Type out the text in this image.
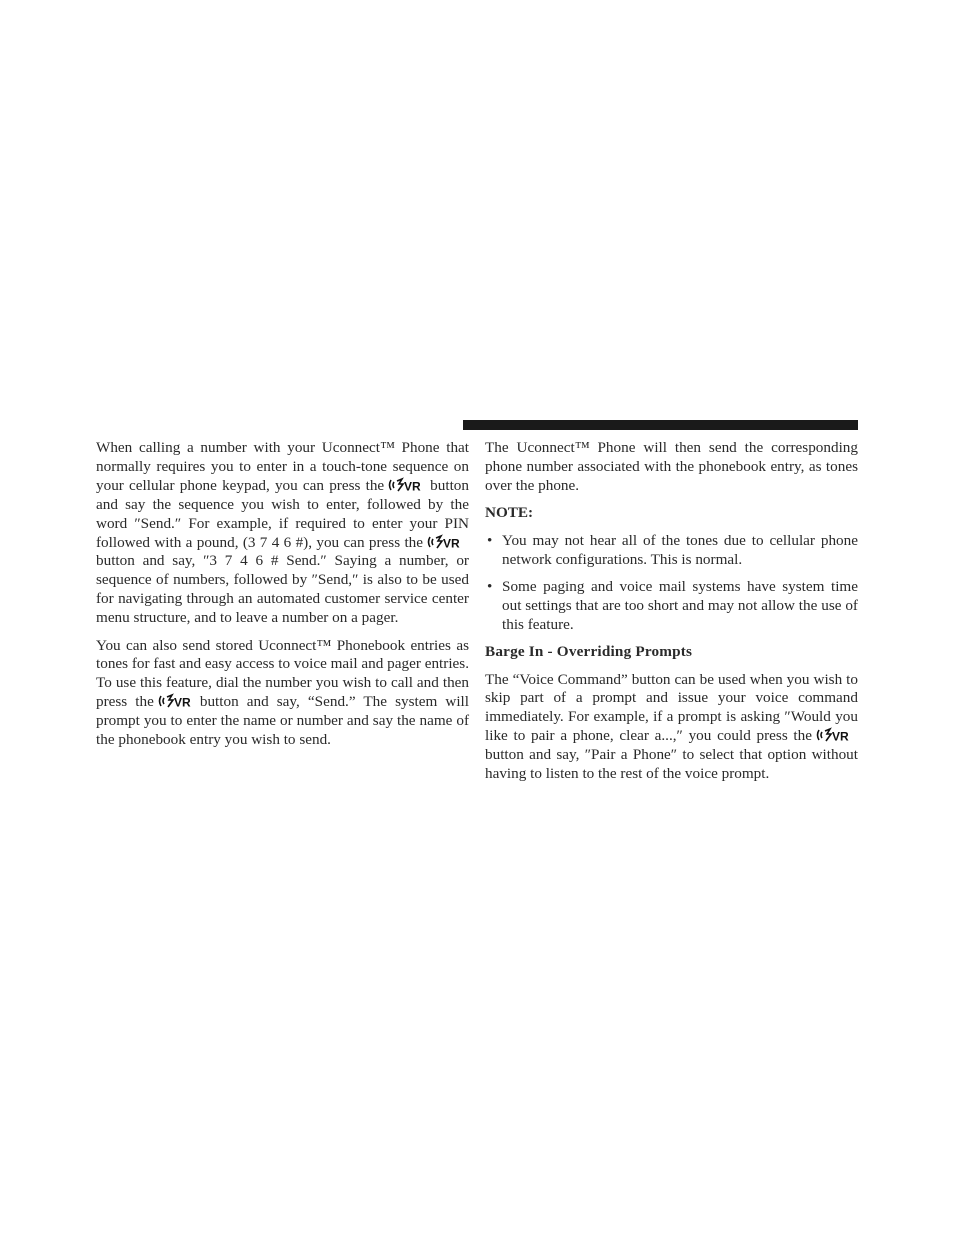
When calling a number with your Uconnect™ Phone that normally requires you to enter in a touch-tone sequence on your cellular phone keypad, you can press the VR button and say the sequence you wish to enter, followed by the word ″Send.″ For example, if required to enter your PIN followed with a pound, (3 7 4 6 #), you can press the VR
button and say, ″3 7 4 6 # Send.″ Saying a number, or sequence of numbers, followed by ″Send,″ is also to be used for navigating through an automated customer service center menu structure, and to leave a number on a pager.

You can also send stored Uconnect™ Phonebook entries as tones for fast and easy access to voice mail and pager entries. To use this feature, dial the number you wish to call and then press the VR button and say, “Send.” The system will prompt you to enter the name or number and say the name of the phonebook entry you wish to send.

The Uconnect™ Phone will then send the corresponding phone number associated with the phonebook entry, as tones over the phone.

NOTE:

• You may not hear all of the tones due to cellular phone network configurations. This is normal.
• Some paging and voice mail systems have system time out settings that are too short and may not allow the use of this feature.

Barge In - Overriding Prompts

The “Voice Command” button can be used when you wish to skip part of a prompt and issue your voice command immediately. For example, if a prompt is asking ″Would you like to pair a phone, clear a...,″ you could press the VR
button and say, ″Pair a Phone″ to select that option without having to listen to the rest of the voice prompt.
